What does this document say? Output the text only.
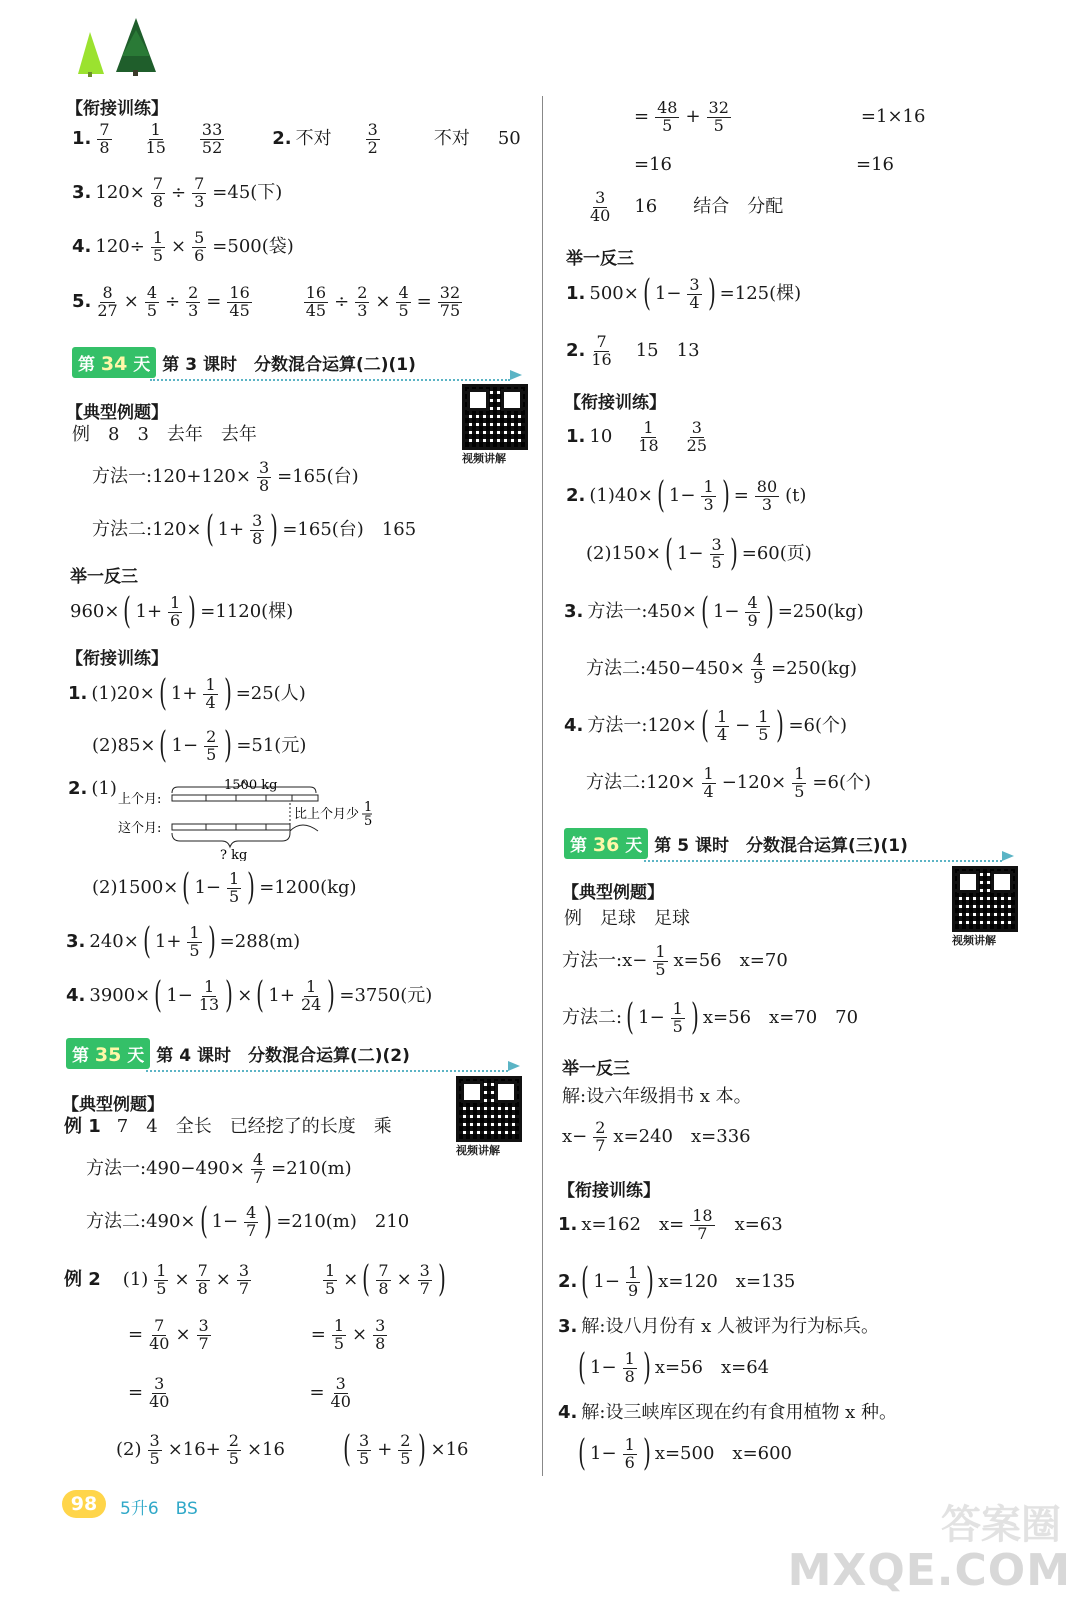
【衔接训练】
1. $\frac{7}{8} \frac{1}{15} \frac{33}{52}$	2. 不对 $\frac{3}{2}$	不对 50
3. $120\times \frac{7}{8} \div \frac{7}{3} =45$(下)
4. $120\div \frac{1}{5} \times \frac{5}{6} =500$(袋)
5. $\frac{8}{27} \times \frac{4}{5} \div \frac{2}{3} = \frac{16}{45}$	$\frac{16}{45} \div \frac{2}{3} \times \frac{4}{5} = \frac{32}{75}$
第 34 天 第 3 课时　分数混合运算(二)(1)
视频讲解
【典型例题】
例　8　3　去年　去年
方法一:120+120× $\frac{3}{8} =165$(台)
方法二:120× ( $1+ \frac{3}{8}$ ) =165(台)　165
举一反三
960× ( $1+ \frac{1}{6}$ ) =1120(棵)
【衔接训练】
1. (1)20× ( $1+ \frac{1}{4}$ ) =25(人)
(2)85× ( $1- \frac{2}{5}$ ) =51(元)
2. (1)	1500 kg
上个月:
这个月:
比上个月少 1
5
? kg
(2)1500× ( $1- \frac{1}{5}$ ) =1200(kg)
3. 240× ( $1+ \frac{1}{5}$ ) =288(m)
4. 3900× ( $1- \frac{1}{13}$ ) × ( $1+ \frac{1}{24}$ ) =3750(元)
第 35 天 第 4 课时　分数混合运算(二)(2)
视频讲解
【典型例题】
例 1 7　4　全长　已经挖了的长度　乘
方法一:490−490× $\frac{4}{7} =210(m)$
方法二:490× ( $1- \frac{4}{7}$ ) =210(m)　210
例 2 $(1) \frac{1}{5} \times \frac{7}{8} \times \frac{3}{7}$	$\frac{1}{5}$ × ( $\frac{7}{8} \times \frac{3}{7}$ )
= $\frac{7}{40} \times \frac{3}{7}$	= $\frac{1}{5} \times \frac{3}{8}$
= $\frac{3}{40}$	= $\frac{3}{40}$
$(2) \frac{3}{5} \times 16+ \frac{2}{5} \times 16$ ( $\frac{3}{5} + \frac{2}{5}$ ) ×16
= $\frac{48}{5} + \frac{32}{5}$	=1×16
=16	=16
$\frac{3}{40} 16$　　结合　分配
举一反三
1. 500× ( $1- \frac{3}{4}$ ) =125(棵)
2. $\frac{7}{16} 15$　13
【衔接训练】
1. $10 \frac{1}{18} \frac{3}{25}$
2. (1)40× ( $1- \frac{1}{3}$ ) = $\frac{80}{3} (t)$
(2)150× ( $1- \frac{3}{5}$ ) =60(页)
3. 方法一:450× ( $1- \frac{4}{9}$ ) =250(kg)
方法二:450−450× $\frac{4}{9} =250(kg)$
4. 方法一:120× ( $\frac{1}{4} - \frac{1}{5}$ ) =6(个)
方法二:120× $\frac{1}{4} -120\times \frac{1}{5} =6$(个)
第 36 天 第 5 课时　分数混合运算(三)(1)
视频讲解
【典型例题】
例　足球　足球
方法一:x− $\frac{1}{5} x=56$　x=70
方法二: ( $1- \frac{1}{5}$ ) x=56　x=70　70
举一反三
解:设六年级捐书 x 本。
$x- \frac{2}{7} x=240$　x=336
【衔接训练】
1. x=162　$x= \frac{18}{7} x=63$
2. ( $1- \frac{1}{9}$ ) x=120　x=135
3. 解:设八月份有 x 人被评为行为标兵。
( $1- \frac{1}{8}$ ) x=56　x=64
4. 解:设三峡库区现在约有食用植物 x 种。
( $1- \frac{1}{6}$ ) x=500　x=600
98	5升6　BS	答案圈
MXQE.COM
